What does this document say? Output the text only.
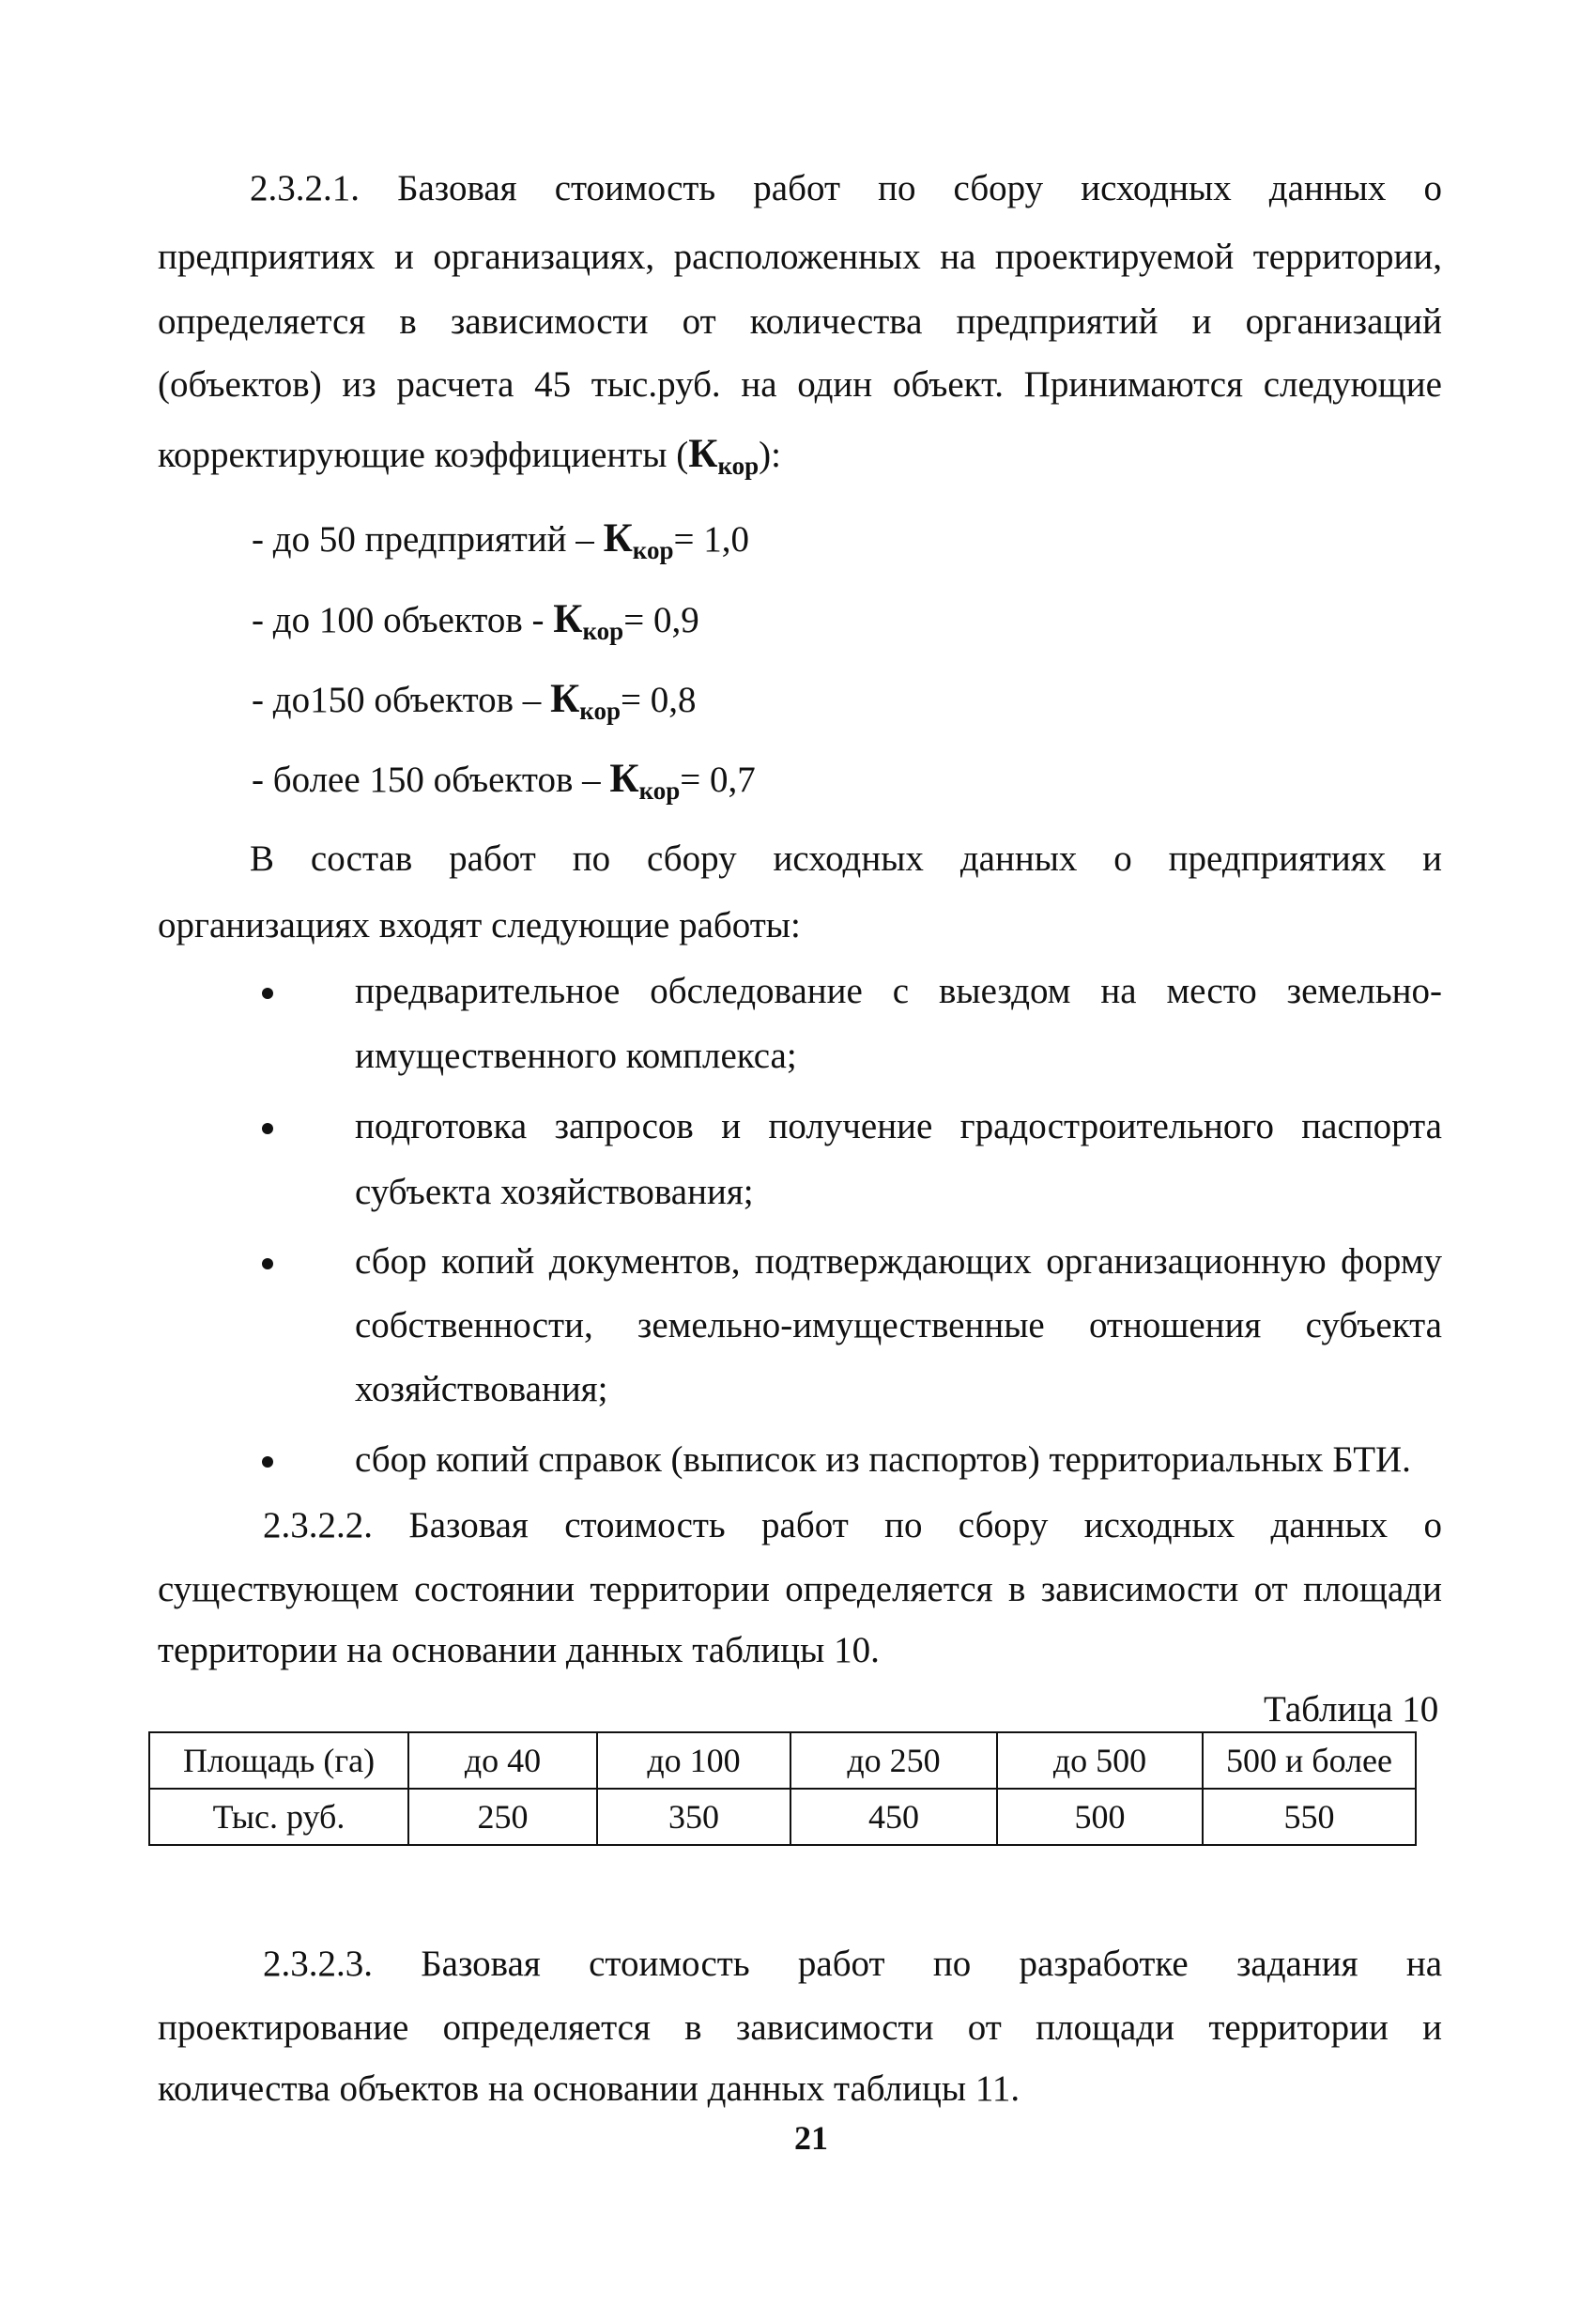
2.3.2.1. Базовая стоимость работ по сбору исходных данных о
предприятиях и организациях, расположенных на проектируемой территории,
определяется в зависимости от количества предприятий и организаций
(объектов) из расчета 45 тыс.руб. на один объект. Принимаются следующие
корректирующие коэффициенты $(К_{кор})$:
- до 50 предприятий – $К_{кор}= 1,0$
- до 100 объектов - $К_{кор}= 0,9$
- до150 объектов – $К_{кор}= 0,8$
- более 150 объектов – $К_{кор}= 0,7$
В состав работ по сбору исходных данных о предприятиях и
организациях входят следующие работы:
предварительное обследование с выездом на место земельно-
имущественного комплекса;
подготовка запросов и получение градостроительного паспорта
субъекта хозяйствования;
сбор копий документов, подтверждающих организационную форму
собственности, земельно-имущественные отношения субъекта
хозяйствования;
сбор копий справок (выписок из паспортов) территориальных БТИ.
2.3.2.2. Базовая стоимость работ по сбору исходных данных о
существующем состоянии территории определяется в зависимости от площади
территории на основании данных таблицы 10.
Таблица 10
Площадь (га)	до 40	до 100	до 250	до 500	500 и более
Тыс. руб.	250	350	450	500	550
2.3.2.3. Базовая стоимость работ по разработке задания на
проектирование определяется в зависимости от площади территории и
количества объектов на основании данных таблицы 11.
21
